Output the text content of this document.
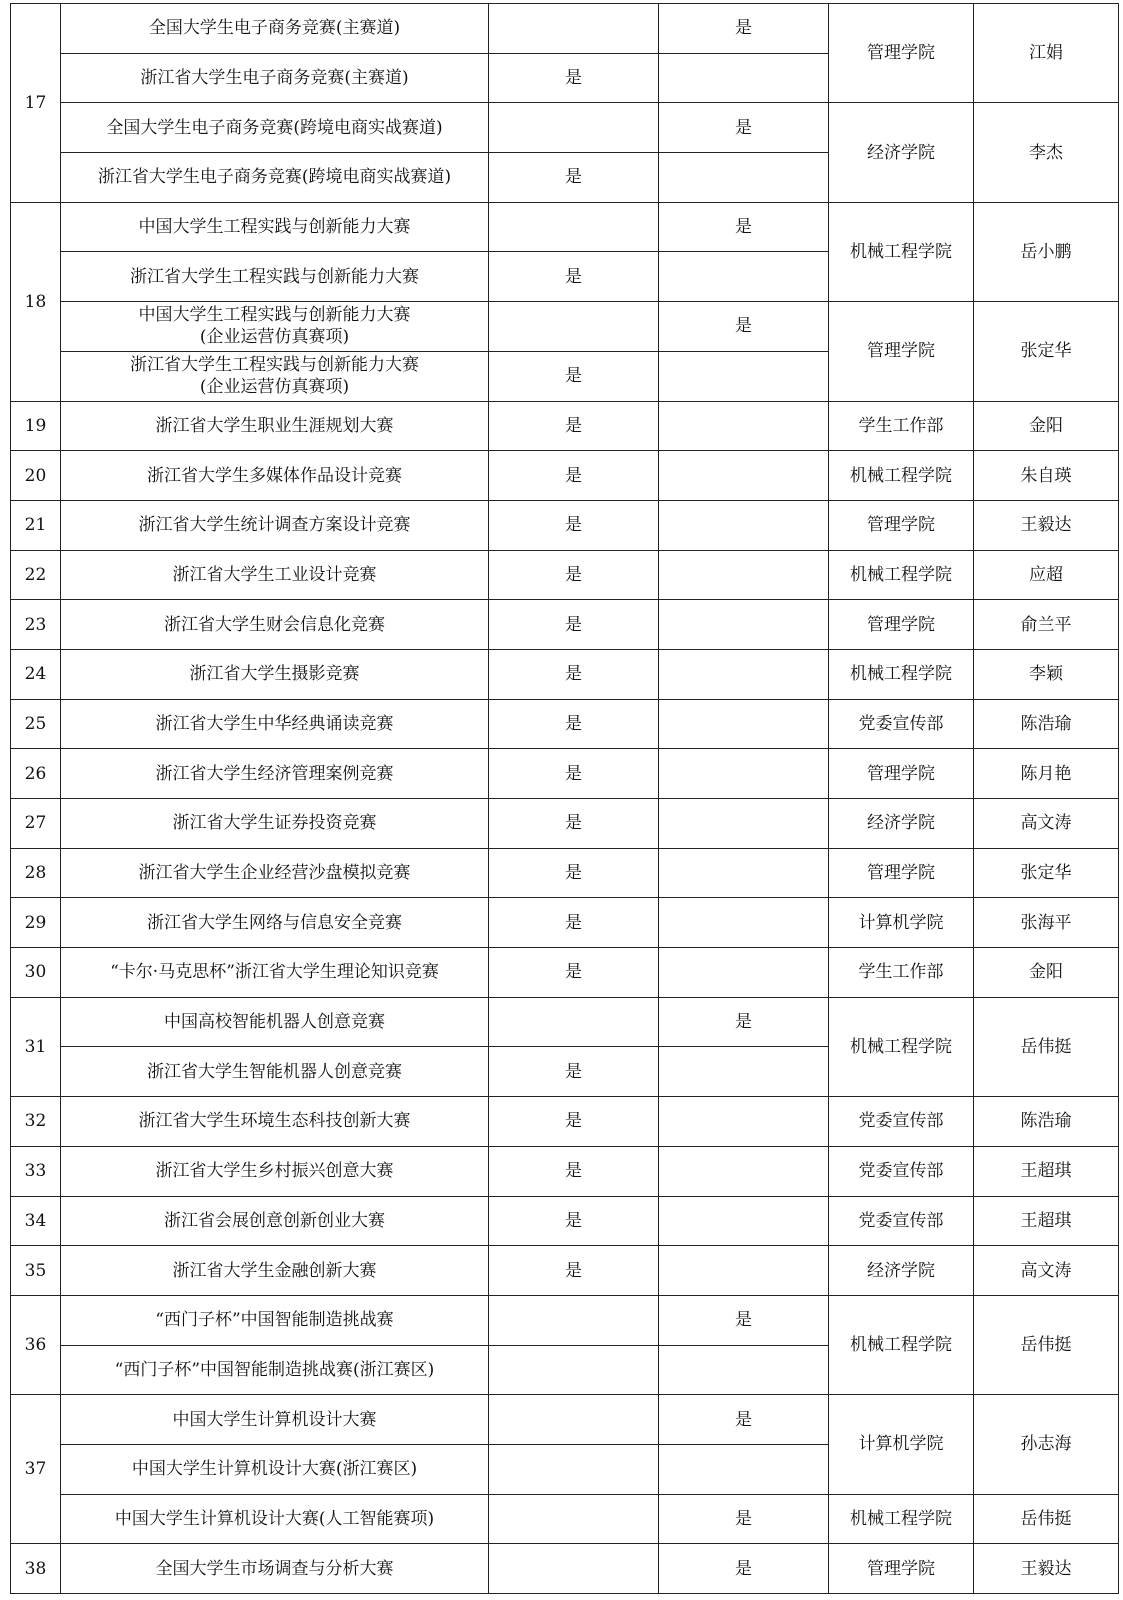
17	全国大学生电子商务竞赛(主赛道)		是	管理学院	江娟
	浙江省大学生电子商务竞赛(主赛道)	是			
	全国大学生电子商务竞赛(跨境电商实战赛道)		是	经济学院	李杰
	浙江省大学生电子商务竞赛(跨境电商实战赛道)	是			
18	中国大学生工程实践与创新能力大赛		是	机械工程学院	岳小鹏
	浙江省大学生工程实践与创新能力大赛	是			

	中国大学生工程实践与创新能力大赛
(企业运营仿真赛项)		是	管理学院	张定华

	浙江省大学生工程实践与创新能力大赛
(企业运营仿真赛项)	是			
19	浙江省大学生职业生涯规划大赛	是		学生工作部	金阳
20	浙江省大学生多媒体作品设计竞赛	是		机械工程学院	朱自瑛
21	浙江省大学生统计调查方案设计竞赛	是		管理学院	王毅达
22	浙江省大学生工业设计竞赛	是		机械工程学院	应超
23	浙江省大学生财会信息化竞赛	是		管理学院	俞兰平
24	浙江省大学生摄影竞赛	是		机械工程学院	李颖
25	浙江省大学生中华经典诵读竞赛	是		党委宣传部	陈浩瑜
26	浙江省大学生经济管理案例竞赛	是		管理学院	陈月艳
27	浙江省大学生证券投资竞赛	是		经济学院	高文涛
28	浙江省大学生企业经营沙盘模拟竞赛	是		管理学院	张定华
29	浙江省大学生网络与信息安全竞赛	是		计算机学院	张海平
30	“卡尔·马克思杯”浙江省大学生理论知识竞赛	是		学生工作部	金阳
31	中国高校智能机器人创意竞赛		是	机械工程学院	岳伟挺
	浙江省大学生智能机器人创意竞赛	是			
32	浙江省大学生环境生态科技创新大赛	是		党委宣传部	陈浩瑜
33	浙江省大学生乡村振兴创意大赛	是		党委宣传部	王超琪
34	浙江省会展创意创新创业大赛	是		党委宣传部	王超琪
35	浙江省大学生金融创新大赛	是		经济学院	高文涛
36	“西门子杯”中国智能制造挑战赛		是	机械工程学院	岳伟挺
	“西门子杯”中国智能制造挑战赛(浙江赛区)				
37	中国大学生计算机设计大赛		是	计算机学院	孙志海
	中国大学生计算机设计大赛(浙江赛区)				
	中国大学生计算机设计大赛(人工智能赛项)		是	机械工程学院	岳伟挺
38	全国大学生市场调查与分析大赛		是	管理学院	王毅达
